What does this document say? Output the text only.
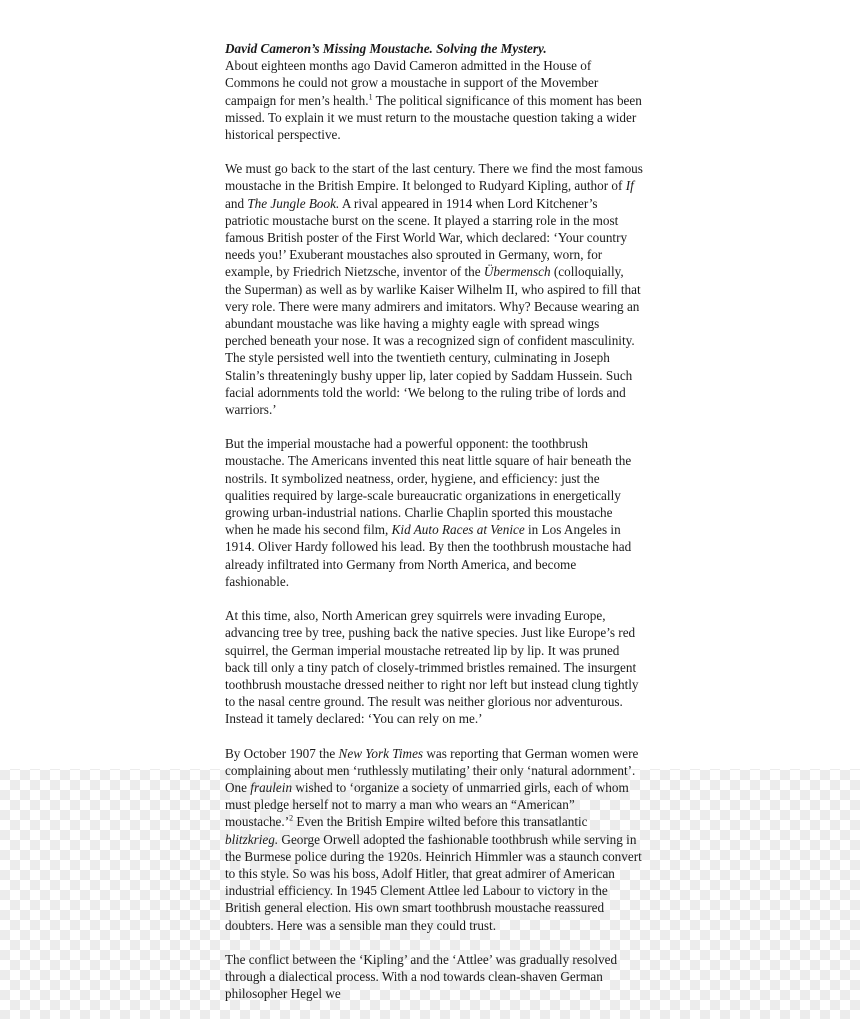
David Cameron’s Missing Moustache. Solving the Mystery.
About eighteen months ago David Cameron admitted in the House of Commons he could not grow a moustache in support of the Movember campaign for men’s health.$^1$ The political significance of this moment has been missed. To explain it we must return to the moustache question taking a wider historical perspective.

We must go back to the start of the last century. There we find the most famous moustache in the British Empire. It belonged to Rudyard Kipling, author of If and The Jungle Book. A rival appeared in 1914 when Lord Kitchener’s patriotic moustache burst on the scene. It played a starring role in the most famous British poster of the First World War, which declared: ‘Your country needs you!’ Exuberant moustaches also sprouted in Germany, worn, for example, by Friedrich Nietzsche, inventor of the Übermensch (colloquially, the Superman) as well as by warlike Kaiser Wilhelm II, who aspired to fill that very role. There were many admirers and imitators. Why? Because wearing an abundant moustache was like having a mighty eagle with spread wings perched beneath your nose. It was a recognized sign of confident masculinity. The style persisted well into the twentieth century, culminating in Joseph Stalin’s threateningly bushy upper lip, later copied by Saddam Hussein. Such facial adornments told the world: ‘We belong to the ruling tribe of lords and warriors.’

But the imperial moustache had a powerful opponent: the toothbrush moustache. The Americans invented this neat little square of hair beneath the nostrils. It symbolized neatness, order, hygiene, and efficiency: just the qualities required by large-scale bureaucratic organizations in energetically growing urban-industrial nations. Charlie Chaplin sported this moustache when he made his second film, Kid Auto Races at Venice in Los Angeles in 1914. Oliver Hardy followed his lead. By then the toothbrush moustache had already infiltrated into Germany from North America, and become fashionable.

At this time, also, North American grey squirrels were invading Europe, advancing tree by tree, pushing back the native species. Just like Europe’s red squirrel, the German imperial moustache retreated lip by lip. It was pruned back till only a tiny patch of closely-trimmed bristles remained. The insurgent toothbrush moustache dressed neither to right nor left but instead clung tightly to the nasal centre ground. The result was neither glorious nor adventurous. Instead it tamely declared: ‘You can rely on me.’

By October 1907 the New York Times was reporting that German women were complaining about men ‘ruthlessly mutilating’ their only ‘natural adornment’. One fraulein wished to ‘organize a society of unmarried girls, each of whom must pledge herself not to marry a man who wears an “American” moustache.’$^2$ Even the British Empire wilted before this transatlantic blitzkrieg. George Orwell adopted the fashionable toothbrush while serving in the Burmese police during the 1920s. Heinrich Himmler was a staunch convert to this style. So was his boss, Adolf Hitler, that great admirer of American industrial efficiency. In 1945 Clement Attlee led Labour to victory in the British general election. His own smart toothbrush moustache reassured doubters. Here was a sensible man they could trust.

The conflict between the ‘Kipling’ and the ‘Attlee’ was gradually resolved through a dialectical process. With a nod towards clean-shaven German philosopher Hegel we
